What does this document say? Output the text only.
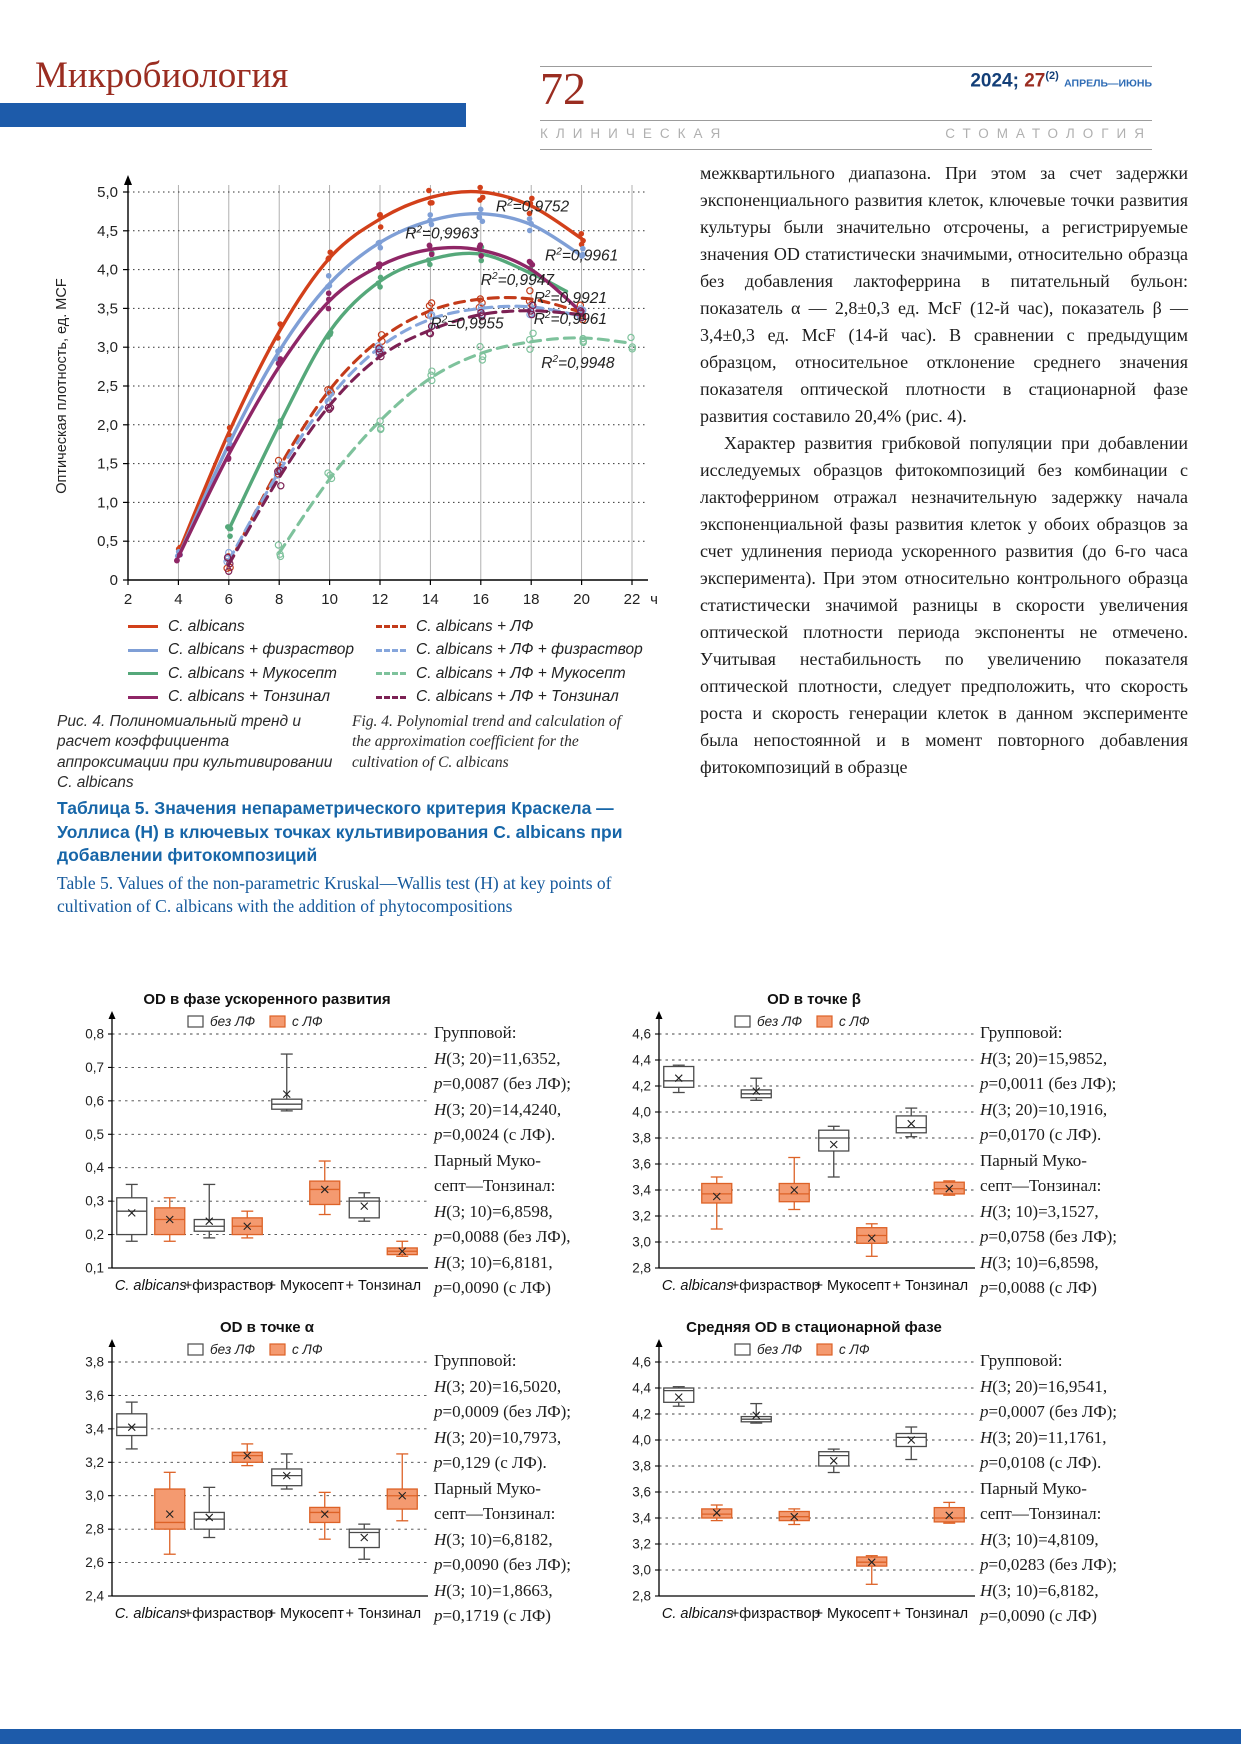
Микробиология	72	2024; 27$^{(2)}$ АПРЕЛЬ—ИЮНЬ
КЛИНИЧЕСКАЯ	СТОМАТОЛОГИЯ
2	4	6	8	10 12 14 16 18 20 22 ч
0
0,5
1,0
1,5
2,0
2,5
3,0
3,5
4,0
4,5
5,0
$R^2=0,9752$
$R^2=0,9963$
$R^2=0,9961$
$R^2=0,9947$
$R^2=0,9921$
$R^2=0,9961$
$R^2=0,9955$
$R^2=0,9948$
Оптическая плотность, ед. MCF
C. albicans	C. albicans + ЛФ
C. albicans + физраствор	C. albicans + ЛФ + физраствор
C. albicans + Мукосепт	C. albicans + ЛФ + Мукосепт
C. albicans + Тонзинал	C. albicans + ЛФ + Тонзинал
Рис. 4. Полиномиальный тренд и расчет коэффициента аппроксимации при культивировании C. albicans
Fig. 4. Polynomial trend and calculation of the approximation coefficient for the cultivation of C. albicans
Таблица 5. Значения непараметрического критерия Краскела — Уоллиса (H) в ключевых точках культивирования C. albicans при добавлении фитокомпозиций
Table 5. Values of the non-parametric Kruskal—Wallis test (H) at key points of cultivation of C. albicans with the addition of phytocompositions

межквартильного диапазона. При этом за счет задержки экспоненциального развития клеток, ключевые точки развития культуры были значительно отсрочены, а регистрируемые значения OD статистически значимыми, относительно образца без добавления лактоферрина в питательный бульон: показатель α — 2,8±0,3 ед. McF (12-й час), показатель β — 3,4±0,3 ед. McF (14-й час). В сравнении с предыдущим образцом, относительное отклонение среднего значения показателя оптической плотности в стационарной фазе развития составило 20,4% (рис. 4).

Характер развития грибковой популяции при добавлении исследуемых образцов фитокомпозиций без комбинации с лактоферрином отражал незначительную задержку начала экспоненциальной фазы развития клеток у обоих образцов за счет удлинения периода ускоренного развития (до 6-го часа эксперимента). При этом относительно контрольного образца статистически значимой разницы в скорости увеличения оптической плотности периода экспоненты не отмечено. Учитывая нестабильность по увеличению показателя оптической плотности, следует предположить, что скорость роста и скорость генерации клеток в данном эксперименте была непостоянной и в момент повторного добавления фитокомпозиций в образце

OD в фазе ускоренного развития
без ЛФ	с ЛФ
0,1
0,2
0,3
0,4
0,5
0,6
0,7
0,8
C. albicans
+физраствор
+ Мукосепт + Тонзинал
Групповой:
H(3; 20)=11,6352,
p=0,0087 (без ЛФ);
H(3; 20)=14,4240,
p=0,0024 (с ЛФ).
Парный Муко-
септ—Тонзинал:
H(3; 10)=6,8598,
p=0,0088 (без ЛФ),
H(3; 10)=6,8181,
p=0,0090 (с ЛФ)
OD в точке β
без ЛФ	с ЛФ
2,8
3,0
3,2
3,4
3,6
3,8
4,0
4,2
4,4
4,6
C. albicans
+физраствор
+ Мукосепт + Тонзинал
Групповой:
H(3; 20)=15,9852,
p=0,0011 (без ЛФ);
H(3; 20)=10,1916,
p=0,0170 (с ЛФ).
Парный Муко-
септ—Тонзинал:
H(3; 10)=3,1527,
p=0,0758 (без ЛФ);
H(3; 10)=6,8598,
p=0,0088 (с ЛФ)
OD в точке α
без ЛФ	с ЛФ
2,4
2,6
2,8
3,0
3,2
3,4
3,6
3,8
C. albicans
+физраствор
+ Мукосепт + Тонзинал
Групповой:
H(3; 20)=16,5020,
p=0,0009 (без ЛФ);
H(3; 20)=10,7973,
p=0,129 (с ЛФ).
Парный Муко-
септ—Тонзинал:
H(3; 10)=6,8182,
p=0,0090 (без ЛФ);
H(3; 10)=1,8663,
p=0,1719 (с ЛФ)
Средняя OD в стационарной фазе
без ЛФ	с ЛФ
2,8
3,0
3,2
3,4
3,6
3,8
4,0
4,2
4,4
4,6
C. albicans
+физраствор
+ Мукосепт + Тонзинал
Групповой:
H(3; 20)=16,9541,
p=0,0007 (без ЛФ);
H(3; 20)=11,1761,
p=0,0108 (с ЛФ).
Парный Муко-
септ—Тонзинал:
H(3; 10)=4,8109,
p=0,0283 (без ЛФ);
H(3; 10)=6,8182,
p=0,0090 (с ЛФ)
